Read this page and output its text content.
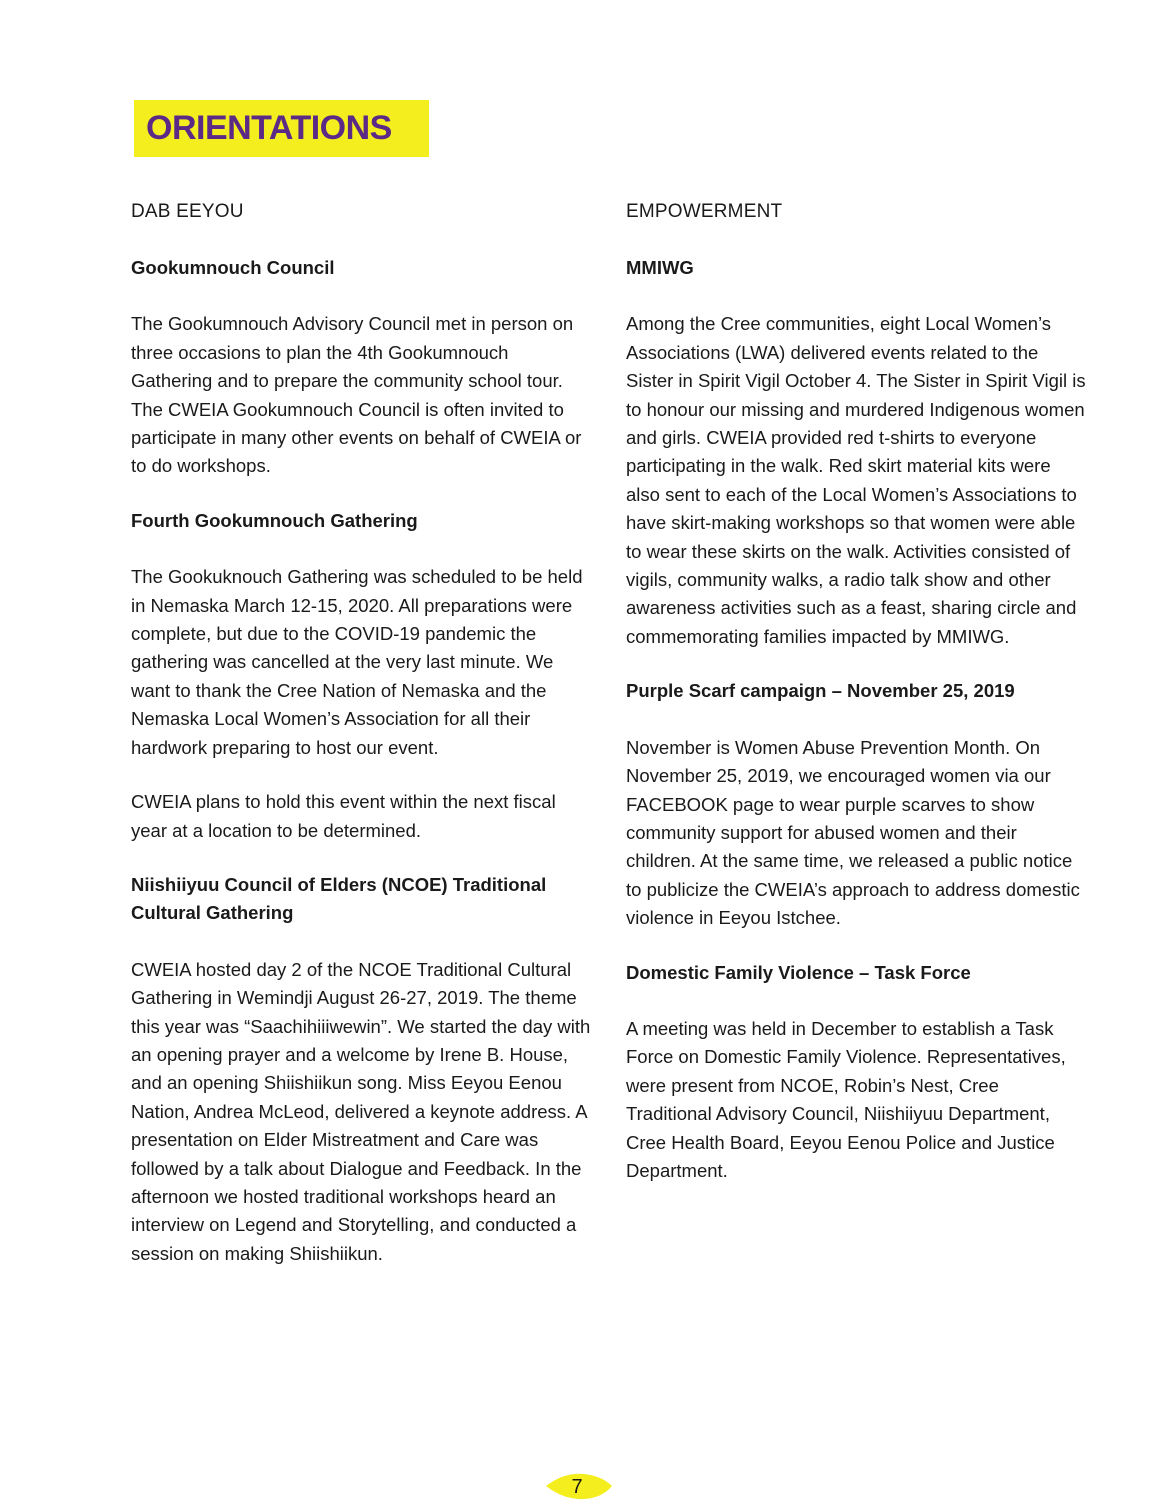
ORIENTATIONS
DAB EEYOU
Gookumnouch Council

The Gookumnouch Advisory Council met in person on three occasions to plan the 4th Gookumnouch Gathering and to prepare the community school tour. The CWEIA Gookumnouch Council is often invited to participate in many other events on behalf of CWEIA or to do workshops.

Fourth Gookumnouch Gathering

The Gookuknouch Gathering was scheduled to be held in Nemaska March 12-15, 2020. All preparations were complete, but due to the COVID-19 pandemic the gathering was cancelled at the very last minute. We want to thank the Cree Nation of Nemaska and the Nemaska Local Women’s Association for all their hardwork preparing to host our event.

CWEIA plans to hold this event within the next fiscal year at a location to be determined.

Niishiiyuu Council of Elders (NCOE) Traditional Cultural Gathering

CWEIA hosted day 2 of the NCOE Traditional Cultural Gathering in Wemindji August 26-27, 2019. The theme this year was “Saachihiiiwewin”. We started the day with an opening prayer and a welcome by Irene B. House, and an opening Shiishiikun song. Miss Eeyou Eenou Nation, Andrea McLeod, delivered a keynote address. A presentation on Elder Mistreatment and Care was followed by a talk about Dialogue and Feedback. In the afternoon we hosted traditional workshops heard an interview on Legend and Storytelling, and conducted a session on making Shiishiikun.

EMPOWERMENT
MMIWG

Among the Cree communities, eight Local Women’s Associations (LWA) delivered events related to the Sister in Spirit Vigil October 4. The Sister in Spirit Vigil is to honour our missing and murdered Indigenous women and girls. CWEIA provided red t-shirts to everyone participating in the walk. Red skirt material kits were also sent to each of the Local Women’s Associations to have skirt-making workshops so that women were able to wear these skirts on the walk. Activities consisted of vigils, community walks, a radio talk show and other awareness activities such as a feast, sharing circle and commemorating families impacted by MMIWG.

Purple Scarf campaign – November 25, 2019

November is Women Abuse Prevention Month. On November 25, 2019, we encouraged women via our FACEBOOK page to wear purple scarves to show community support for abused women and their children. At the same time, we released a public notice to publicize the CWEIA’s approach to address domestic violence in Eeyou Istchee.

Domestic Family Violence – Task Force

A meeting was held in December to establish a Task Force on Domestic Family Violence. Representatives, were present from NCOE, Robin’s Nest, Cree Traditional Advisory Council, Niishiiyuu Department, Cree Health Board, Eeyou Eenou Police and Justice Department.

7
